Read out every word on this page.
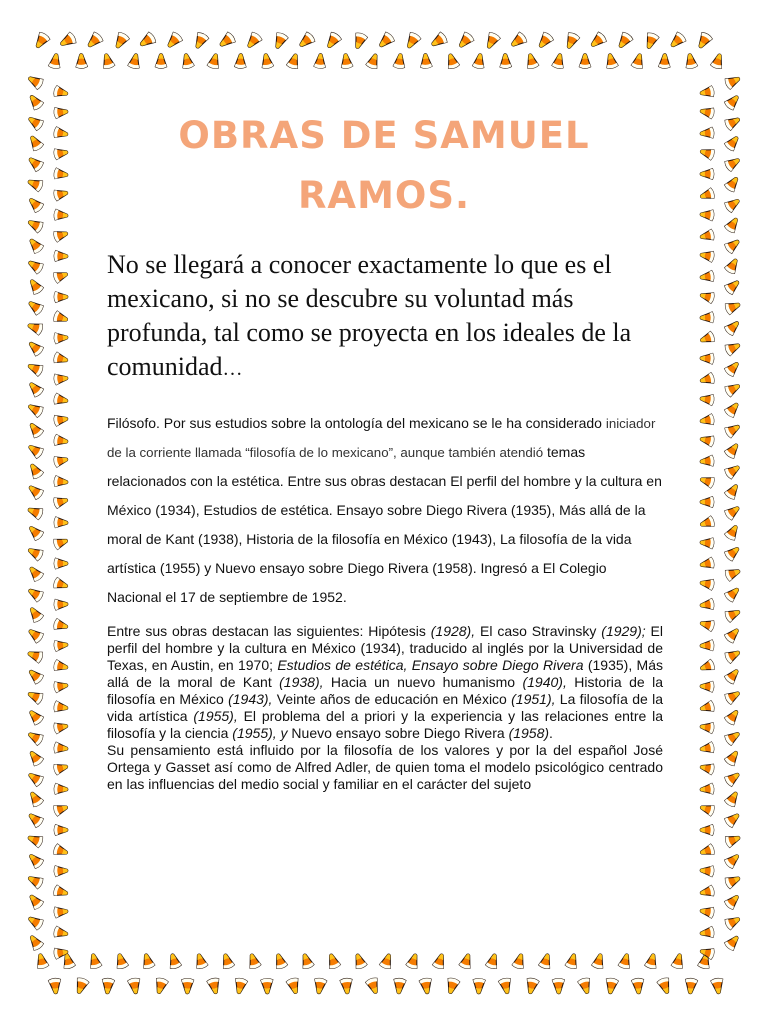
OBRAS DE SAMUEL RAMOS.
No se llegará a conocer exactamente lo que es el mexicano, si no se descubre su voluntad más profunda, tal como se proyecta en los ideales de la comunidad…
Filósofo. Por sus estudios sobre la ontología del mexicano se le ha considerado iniciador de la corriente llamada “filosofía de lo mexicano”, aunque también atendió temas relacionados con la estética. Entre sus obras destacan El perfil del hombre y la cultura en México (1934), Estudios de estética. Ensayo sobre Diego Rivera (1935), Más allá de la moral de Kant (1938), Historia de la filosofía en México (1943), La filosofía de la vida artística (1955) y Nuevo ensayo sobre Diego Rivera (1958). Ingresó a El Colegio Nacional el 17 de septiembre de 1952.

Entre sus obras destacan las siguientes: Hipótesis (1928), El caso Stravinsky (1929); El perfil del hombre y la cultura en México (1934), traducido al inglés por la Universidad de Texas, en Austin, en 1970; Estudios de estética, Ensayo sobre Diego Rivera (1935), Más allá de la moral de Kant (1938), Hacia un nuevo humanismo (1940), Historia de la filosofía en México (1943), Veinte años de educación en México (1951), La filosofía de la vida artística (1955), El problema del a priori y la experiencia y las relaciones entre la filosofía y la ciencia (1955), y Nuevo ensayo sobre Diego Rivera (1958).

Su pensamiento está influido por la filosofía de los valores y por la del español José Ortega y Gasset así como de Alfred Adler, de quien toma el modelo psicológico centrado en las influencias del medio social y familiar en el carácter del sujeto
